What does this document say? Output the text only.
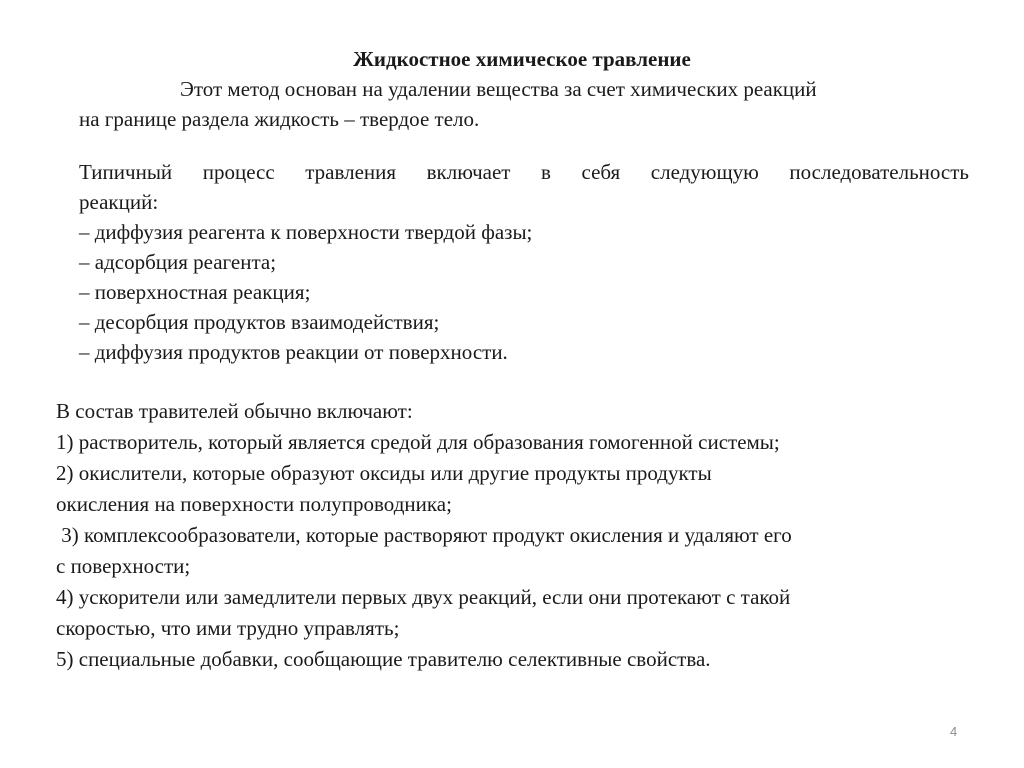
Жидкостное химическое травление

Этот метод основан на удалении вещества за счет химических реакций

на границе раздела жидкость – твердое тело.

Типичный процесс травления включает в себя следующую последовательность

реакций:

– диффузия реагента к поверхности твердой фазы;

– адсорбция реагента;

– поверхностная реакция;

– десорбция продуктов взаимодействия;

– диффузия продуктов реакции от поверхности.

В состав травителей обычно включают:

1) растворитель, который является средой для образования гомогенной системы;

2) окислители, которые образуют оксиды или другие продукты продукты

окисления на поверхности полупроводника;

3) комплексообразователи, которые растворяют продукт окисления и удаляют его

с поверхности;

4) ускорители или замедлители первых двух реакций, если они протекают с такой

скоростью, что ими трудно управлять;

5) специальные добавки, сообщающие травителю селективные свойства.

4
